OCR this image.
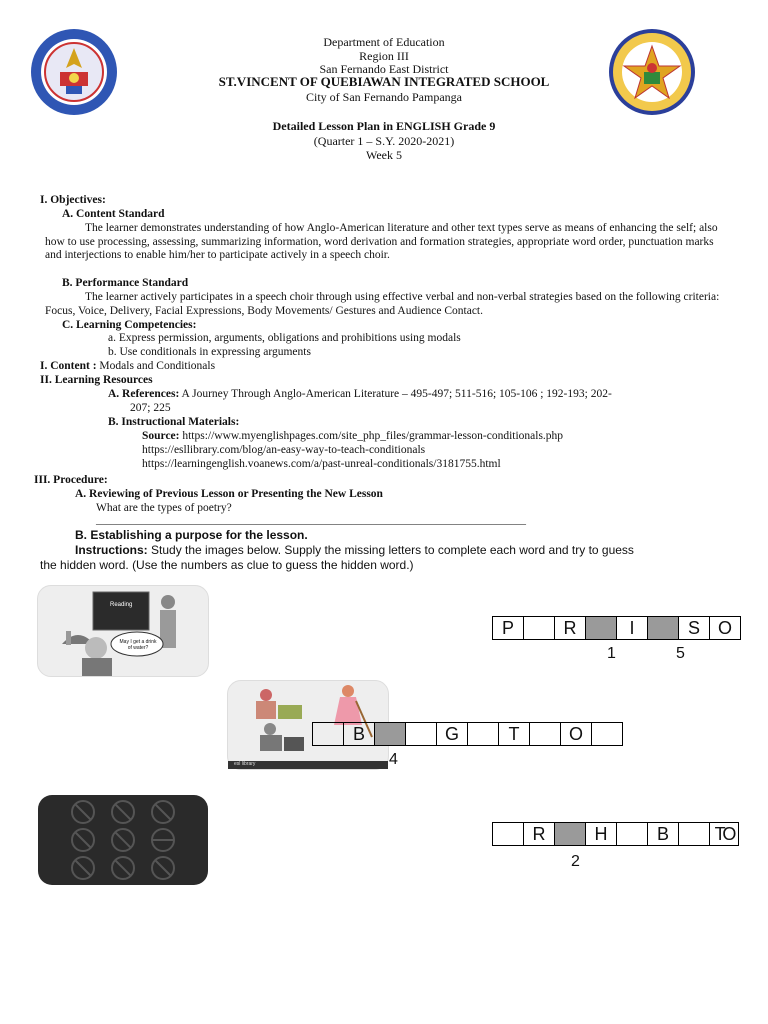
Department of Education
Region III
San Fernando East District
ST.VINCENT OF QUEBIAWAN INTEGRATED SCHOOL
City of San Fernando Pampanga
Detailed Lesson Plan in ENGLISH Grade 9
(Quarter 1 – S.Y. 2020-2021)
Week 5
I. Objectives:
A. Content Standard
The learner demonstrates understanding of how Anglo-American literature and other text types serve as means of enhancing the self; also how to use processing, assessing, summarizing information, word derivation and formation strategies, appropriate word order, punctuation marks and interjections to enable him/her to participate actively in a speech choir.
B. Performance Standard
The learner actively participates in a speech choir through using effective verbal and non-verbal strategies based on the following criteria: Focus, Voice, Delivery, Facial Expressions, Body Movements/ Gestures and Audience Contact.
C. Learning Competencies:
a. Express permission, arguments, obligations and prohibitions using modals
b. Use conditionals in expressing arguments
I. Content : Modals and Conditionals
II. Learning Resources
A. References: A Journey Through Anglo-American Literature – 495-497; 511-516; 105-106 ; 192-193; 202-
207; 225
B. Instructional Materials:
Source: https://www.myenglishpages.com/site_php_files/grammar-lesson-conditionals.php
https://esllibrary.com/blog/an-easy-way-to-teach-conditionals
https://learningenglish.voanews.com/a/past-unreal-conditionals/3181755.html
III. Procedure:
A. Reviewing of Previous Lesson or Presenting the New Lesson
What are the types of poetry?
______________________________________________________________________________________
B. Establishing a purpose for the lesson.
Instructions: Study the images below. Supply the missing letters to complete each word and try to guess
the hidden word. (Use the numbers as clue to guess the hidden word.)
Reading
May I get a drink of water?
esl library
P	R	I	S O
1	5
B	G	T	O
4
R	H	B	TO
2
